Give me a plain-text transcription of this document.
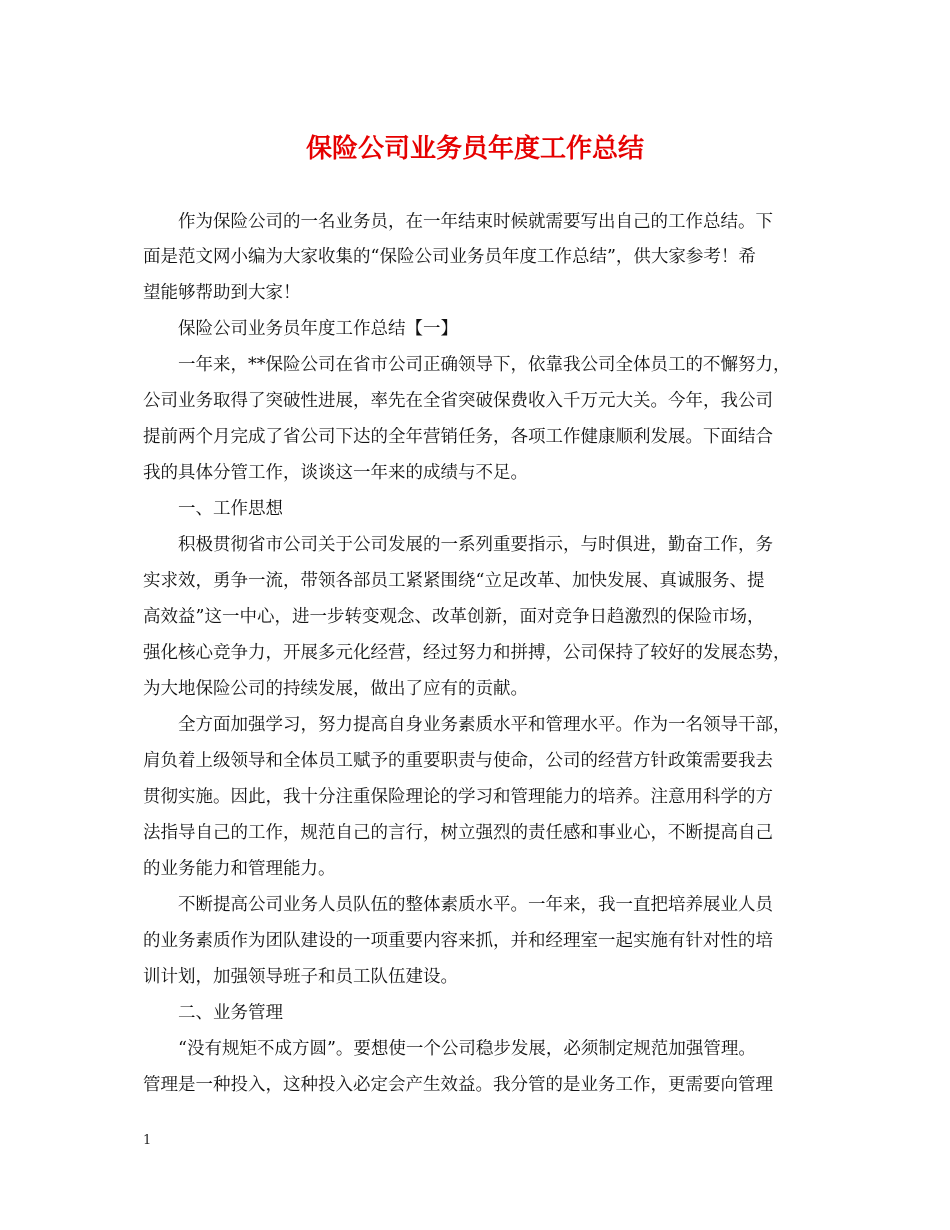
保险公司业务员年度工作总结
作为保险公司的一名业务员，在一年结束时候就需要写出自己的工作总结。下
面是范文网小编为大家收集的“保险公司业务员年度工作总结”，供大家参考！希
望能够帮助到大家！
保险公司业务员年度工作总结【一】
一年来，**保险公司在省市公司正确领导下，依靠我公司全体员工的不懈努力，
公司业务取得了突破性进展，率先在全省突破保费收入千万元大关。今年，我公司
提前两个月完成了省公司下达的全年营销任务，各项工作健康顺利发展。下面结合
我的具体分管工作，谈谈这一年来的成绩与不足。
一、工作思想
积极贯彻省市公司关于公司发展的一系列重要指示，与时俱进，勤奋工作，务
实求效，勇争一流，带领各部员工紧紧围绕“立足改革、加快发展、真诚服务、提
高效益”这一中心，进一步转变观念、改革创新，面对竞争日趋激烈的保险市场，
强化核心竞争力，开展多元化经营，经过努力和拼搏，公司保持了较好的发展态势，
为大地保险公司的持续发展，做出了应有的贡献。
全方面加强学习，努力提高自身业务素质水平和管理水平。作为一名领导干部，
肩负着上级领导和全体员工赋予的重要职责与使命，公司的经营方针政策需要我去
贯彻实施。因此，我十分注重保险理论的学习和管理能力的培养。注意用科学的方
法指导自己的工作，规范自己的言行，树立强烈的责任感和事业心，不断提高自己
的业务能力和管理能力。
不断提高公司业务人员队伍的整体素质水平。一年来，我一直把培养展业人员
的业务素质作为团队建设的一项重要内容来抓，并和经理室一起实施有针对性的培
训计划，加强领导班子和员工队伍建设。
二、业务管理
“没有规矩不成方圆”。要想使一个公司稳步发展，必须制定规范加强管理。
管理是一种投入，这种投入必定会产生效益。我分管的是业务工作，更需要向管理
1
